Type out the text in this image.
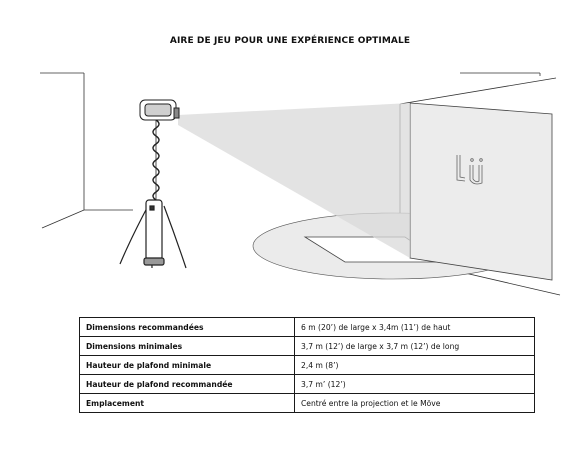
AIRE DE JEU POUR UNE EXPÉRIENCE OPTIMALE
Dimensions recommandées	6 m (20’) de large x 3,4m (11’) de haut
Dimensions minimales	3,7 m (12’) de large x 3,7 m (12’) de long
Hauteur de plafond minimale	2,4 m (8’)
Hauteur de plafond recommandée	3,7 m’ (12’)
Emplacement	Centré entre la projection et le Möve
